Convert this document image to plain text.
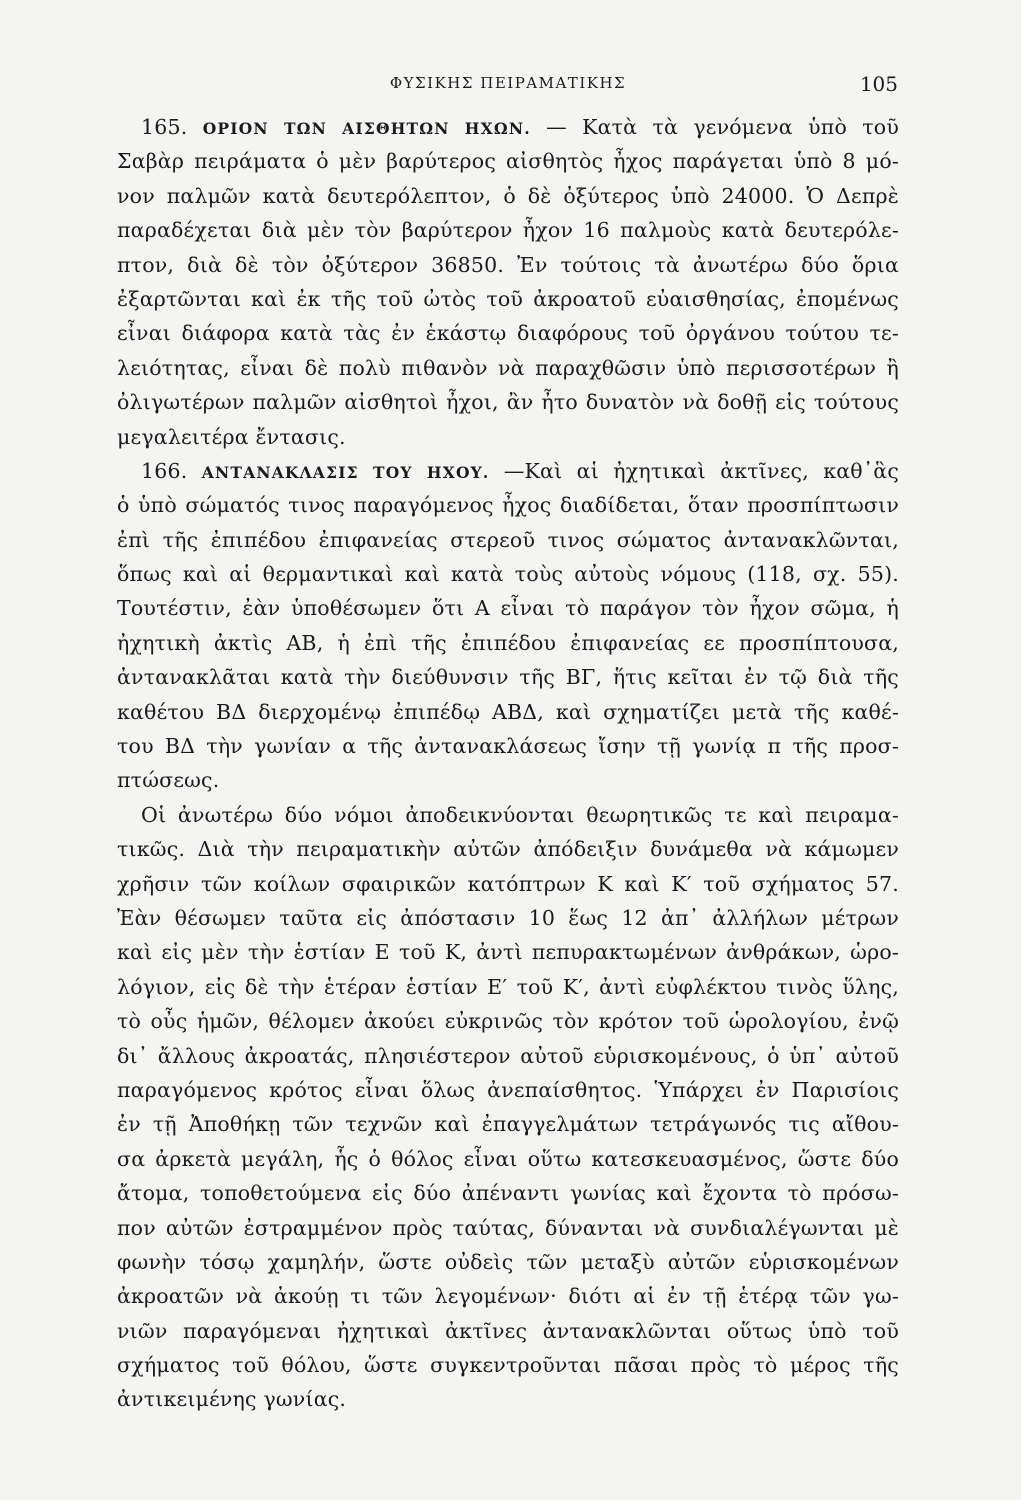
ΦΥΣΙΚΗΣ ΠΕΙΡΑΜΑΤΙΚΗΣ	105
165. ΟΡΙΟΝ ΤΩΝ ΑΙΣΘΗΤΩΝ ΗΧΩΝ. — Κατὰ τὰ γενόμενα ὑπὸ τοῦ
Σαβὰρ πειράματα ὁ μὲν βαρύτερος αἰσθητὸς ἦχος παράγεται ὑπὸ 8 μό-
νον παλμῶν κατὰ δευτερόλεπτον, ὁ δὲ ὀξύτερος ὑπὸ 24000. Ὁ Δεπρὲ
παραδέχεται διὰ μὲν τὸν βαρύτερον ἦχον 16 παλμοὺς κατὰ δευτερόλε-
πτον, διὰ δὲ τὸν ὀξύτερον 36850. Ἐν τούτοις τὰ ἀνωτέρω δύο ὅρια
ἐξαρτῶνται καὶ ἐκ τῆς τοῦ ὠτὸς τοῦ ἀκροατοῦ εὐαισθησίας, ἐπομένως
εἶναι διάφορα κατὰ τὰς ἐν ἑκάστῳ διαφόρους τοῦ ὀργάνου τούτου τε-
λειότητας, εἶναι δὲ πολὺ πιθανὸν νὰ παραχθῶσιν ὑπὸ περισσοτέρων ἢ
ὀλιγωτέρων παλμῶν αἰσθητοὶ ἦχοι, ἂν ἦτο δυνατὸν νὰ δοθῇ εἰς τούτους
μεγαλειτέρα ἔντασις.
166. ΑΝΤΑΝΑΚΛΑΣΙΣ ΤΟΥ ΗΧΟΥ. —Καὶ αἱ ἠχητικαὶ ἀκτῖνες, καθ᾽ἃς
ὁ ὑπὸ σώματός τινος παραγόμενος ἦχος διαδίδεται, ὅταν προσπίπτωσιν
ἐπὶ τῆς ἐπιπέδου ἐπιφανείας στερεοῦ τινος σώματος ἀντανακλῶνται,
ὅπως καὶ αἱ θερμαντικαὶ καὶ κατὰ τοὺς αὐτοὺς νόμους (118, σχ. 55).
Τουτέστιν, ἐὰν ὑποθέσωμεν ὅτι Α εἶναι τὸ παράγον τὸν ἦχον σῶμα, ἡ
ἠχητικὴ ἀκτὶς ΑΒ, ἡ ἐπὶ τῆς ἐπιπέδου ἐπιφανείας εε προσπίπτουσα,
ἀντανακλᾶται κατὰ τὴν διεύθυνσιν τῆς ΒΓ, ἥτις κεῖται ἐν τῷ διὰ τῆς
καθέτου ΒΔ διερχομένῳ ἐπιπέδῳ ΑΒΔ, καὶ σχηματίζει μετὰ τῆς καθέ-
του ΒΔ τὴν γωνίαν α τῆς ἀντανακλάσεως ἴσην τῇ γωνίᾳ π τῆς προσ-
πτώσεως.
Οἱ ἀνωτέρω δύο νόμοι ἀποδεικνύονται θεωρητικῶς τε καὶ πειραμα-
τικῶς. Διὰ τὴν πειραματικὴν αὐτῶν ἀπόδειξιν δυνάμεθα νὰ κάμωμεν
χρῆσιν τῶν κοίλων σφαιρικῶν κατόπτρων Κ καὶ Κ′ τοῦ σχήματος 57.
Ἐὰν θέσωμεν ταῦτα εἰς ἀπόστασιν 10 ἕως 12 ἀπ᾽ ἀλλήλων μέτρων
καὶ εἰς μὲν τὴν ἑστίαν Ε τοῦ Κ, ἀντὶ πεπυρακτωμένων ἀνθράκων, ὡρο-
λόγιον, εἰς δὲ τὴν ἑτέραν ἑστίαν Ε′ τοῦ Κ′, ἀντὶ εὐφλέκτου τινὸς ὕλης,
τὸ οὖς ἡμῶν, θέλομεν ἀκούει εὐκρινῶς τὸν κρότον τοῦ ὡρολογίου, ἐνῷ
δι᾽ ἄλλους ἀκροατάς, πλησιέστερον αὐτοῦ εὑρισκομένους, ὁ ὑπ᾽ αὐτοῦ
παραγόμενος κρότος εἶναι ὅλως ἀνεπαίσθητος. Ὑπάρχει ἐν Παρισίοις
ἐν τῇ Ἀποθήκῃ τῶν τεχνῶν καὶ ἐπαγγελμάτων τετράγωνός τις αἴθου-
σα ἀρκετὰ μεγάλη, ἧς ὁ θόλος εἶναι οὕτω κατεσκευασμένος, ὥστε δύο
ἄτομα, τοποθετούμενα εἰς δύο ἀπέναντι γωνίας καὶ ἔχοντα τὸ πρόσω-
πον αὐτῶν ἐστραμμένον πρὸς ταύτας, δύνανται νὰ συνδιαλέγωνται μὲ
φωνὴν τόσῳ χαμηλήν, ὥστε οὐδεὶς τῶν μεταξὺ αὐτῶν εὑρισκομένων
ἀκροατῶν νὰ ἀκούῃ τι τῶν λεγομένων· διότι αἱ ἐν τῇ ἑτέρᾳ τῶν γω-
νιῶν παραγόμεναι ἠχητικαὶ ἀκτῖνες ἀντανακλῶνται οὕτως ὑπὸ τοῦ
σχήματος τοῦ θόλου, ὥστε συγκεντροῦνται πᾶσαι πρὸς τὸ μέρος τῆς
ἀντικειμένης γωνίας.
